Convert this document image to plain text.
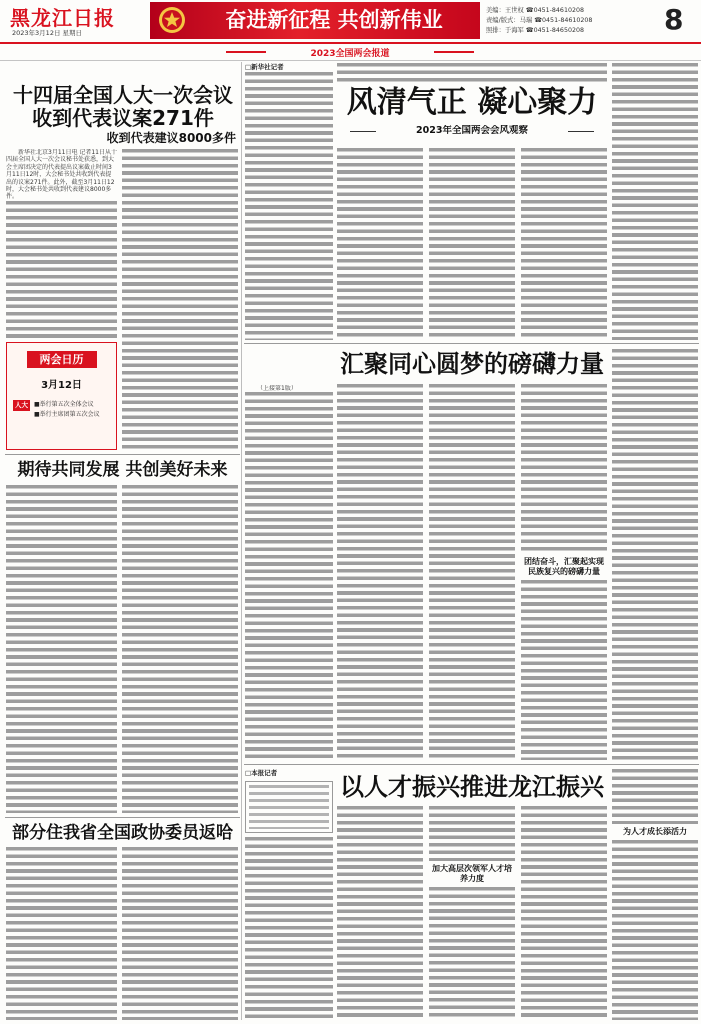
黑龙江日报
2023年3月12日 星期日
奋进新征程 共创新伟业	美编：王世权 ☎0451-84610208
责编/版式：马瑞 ☎0451-84610208
照排：于海军 ☎0451-84650208	8
2023全国两会报道
十四届全国人大一次会议
收到代表议案271件
收到代表建议8000多件

新华社北京3月11日电 记者11日从十四届全国人大一次会议秘书处获悉，到大会主席团决定的代表提出议案截止时间3月11日12时，大会秘书处共收到代表提出的议案271件。此外，截至3月11日12时，大会秘书处共收到代表建议8000多件。

两会日历
3月12日
人大	■举行第五次全体会议
■举行主席团第五次会议
期待共同发展 共创美好未来
部分住我省全国政协委员返哈
□新华社记者
风清气正 凝心聚力
2023年全国两会会风观察
汇聚同心圆梦的磅礴力量

（上接第1版）

团结奋斗，汇聚起实现民族复兴的磅礴力量
以人才振兴推进龙江振兴
□本报记者
加大高层次领军人才培养力度
为人才成长添活力
